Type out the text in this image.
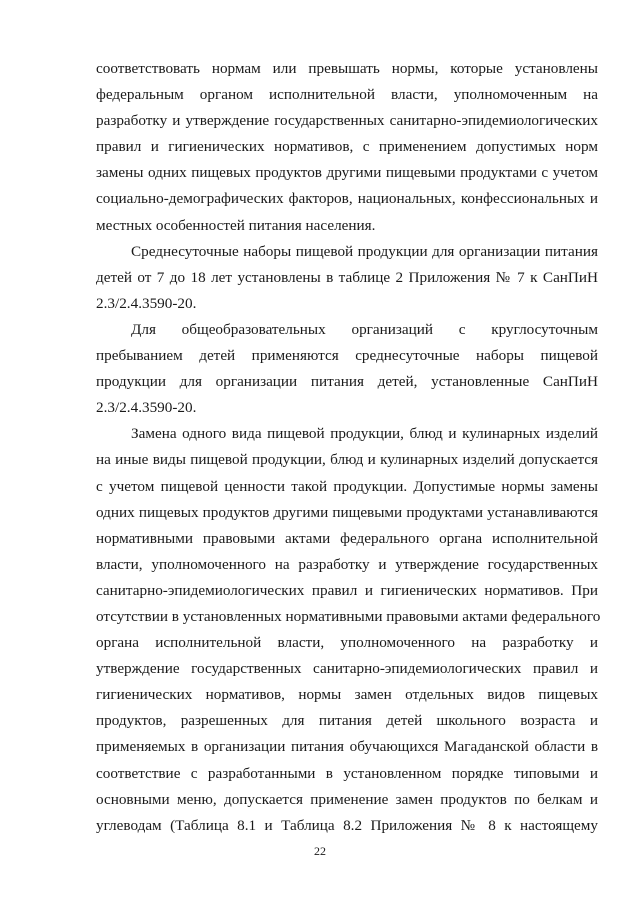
соответствовать нормам или превышать нормы, которые установлены
федеральным органом исполнительной власти, уполномоченным на
разработку и утверждение государственных санитарно-эпидемиологических
правил и гигиенических нормативов, с применением допустимых норм
замены одних пищевых продуктов другими пищевыми продуктами с учетом
социально-демографических факторов, национальных, конфессиональных и
местных особенностей питания населения.
Среднесуточные наборы пищевой продукции для организации питания
детей от 7 до 18 лет установлены в таблице 2 Приложения № 7 к СанПиН
2.3/2.4.3590-20.
Для общеобразовательных организаций с круглосуточным
пребыванием детей применяются среднесуточные наборы пищевой
продукции для организации питания детей, установленные СанПиН
2.3/2.4.3590-20.
Замена одного вида пищевой продукции, блюд и кулинарных изделий
на иные виды пищевой продукции, блюд и кулинарных изделий допускается
с учетом пищевой ценности такой продукции. Допустимые нормы замены
одних пищевых продуктов другими пищевыми продуктами устанавливаются
нормативными правовыми актами федерального органа исполнительной
власти, уполномоченного на разработку и утверждение государственных
санитарно-эпидемиологических правил и гигиенических нормативов. При
отсутствии в установленных нормативными правовыми актами федерального
органа исполнительной власти, уполномоченного на разработку и
утверждение государственных санитарно-эпидемиологических правил и
гигиенических нормативов, нормы замен отдельных видов пищевых
продуктов, разрешенных для питания детей школьного возраста и
применяемых в организации питания обучающихся Магаданской области в
соответствие с разработанными в установленном порядке типовыми и
основными меню, допускается применение замен продуктов по белкам и
углеводам (Таблица 8.1 и Таблица 8.2 Приложения № 8 к настоящему
22
